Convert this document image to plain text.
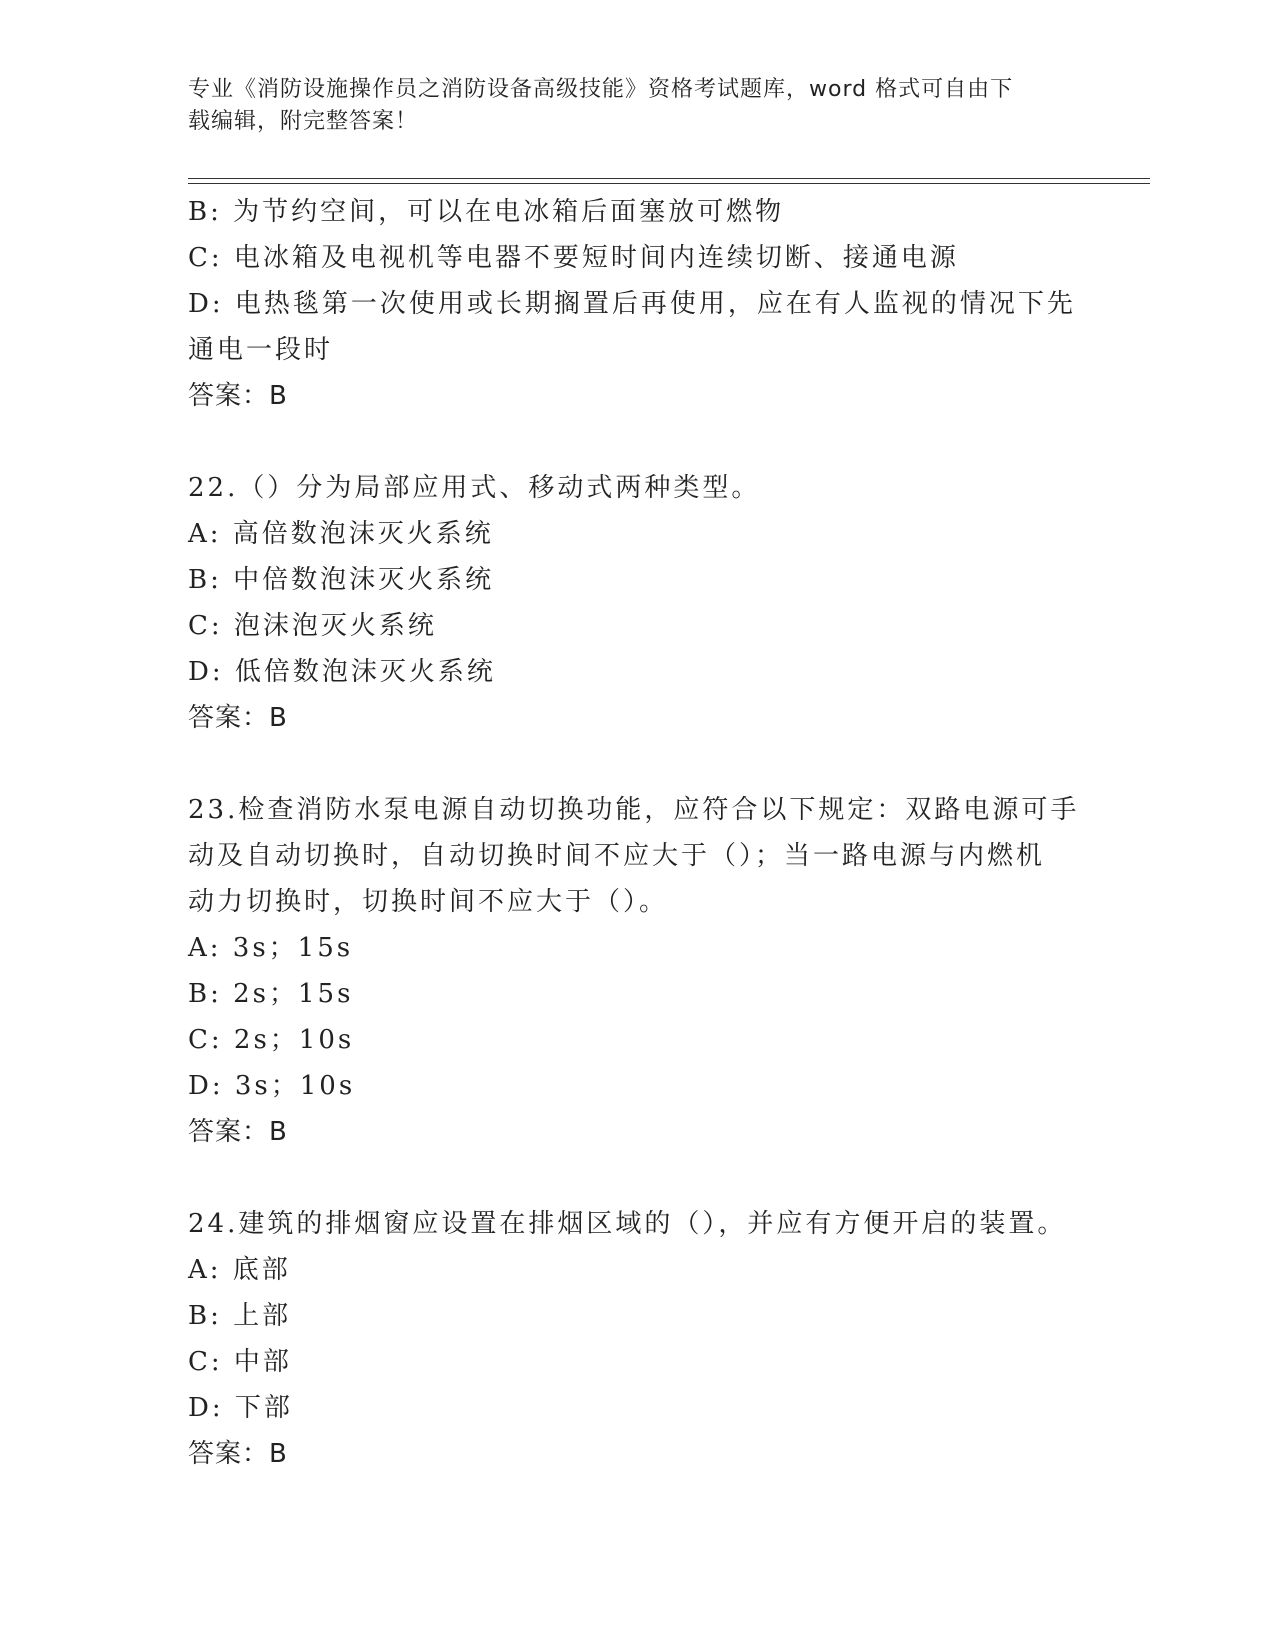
专业《消防设施操作员之消防设备高级技能》资格考试题库，word 格式可自由下
载编辑，附完整答案！
B: 为节约空间，可以在电冰箱后面塞放可燃物
C: 电冰箱及电视机等电器不要短时间内连续切断、接通电源
D: 电热毯第一次使用或长期搁置后再使用，应在有人监视的情况下先
通电一段时
答案：B
22.（）分为局部应用式、移动式两种类型。
A: 高倍数泡沫灭火系统
B: 中倍数泡沫灭火系统
C: 泡沫泡灭火系统
D: 低倍数泡沫灭火系统
答案：B
23.检查消防水泵电源自动切换功能，应符合以下规定：双路电源可手
动及自动切换时，自动切换时间不应大于（）；当一路电源与内燃机
动力切换时，切换时间不应大于（）。
A: 3s；15s
B: 2s；15s
C: 2s；10s
D: 3s；10s
答案：B
24.建筑的排烟窗应设置在排烟区域的（），并应有方便开启的装置。
A: 底部
B: 上部
C: 中部
D: 下部
答案：B
